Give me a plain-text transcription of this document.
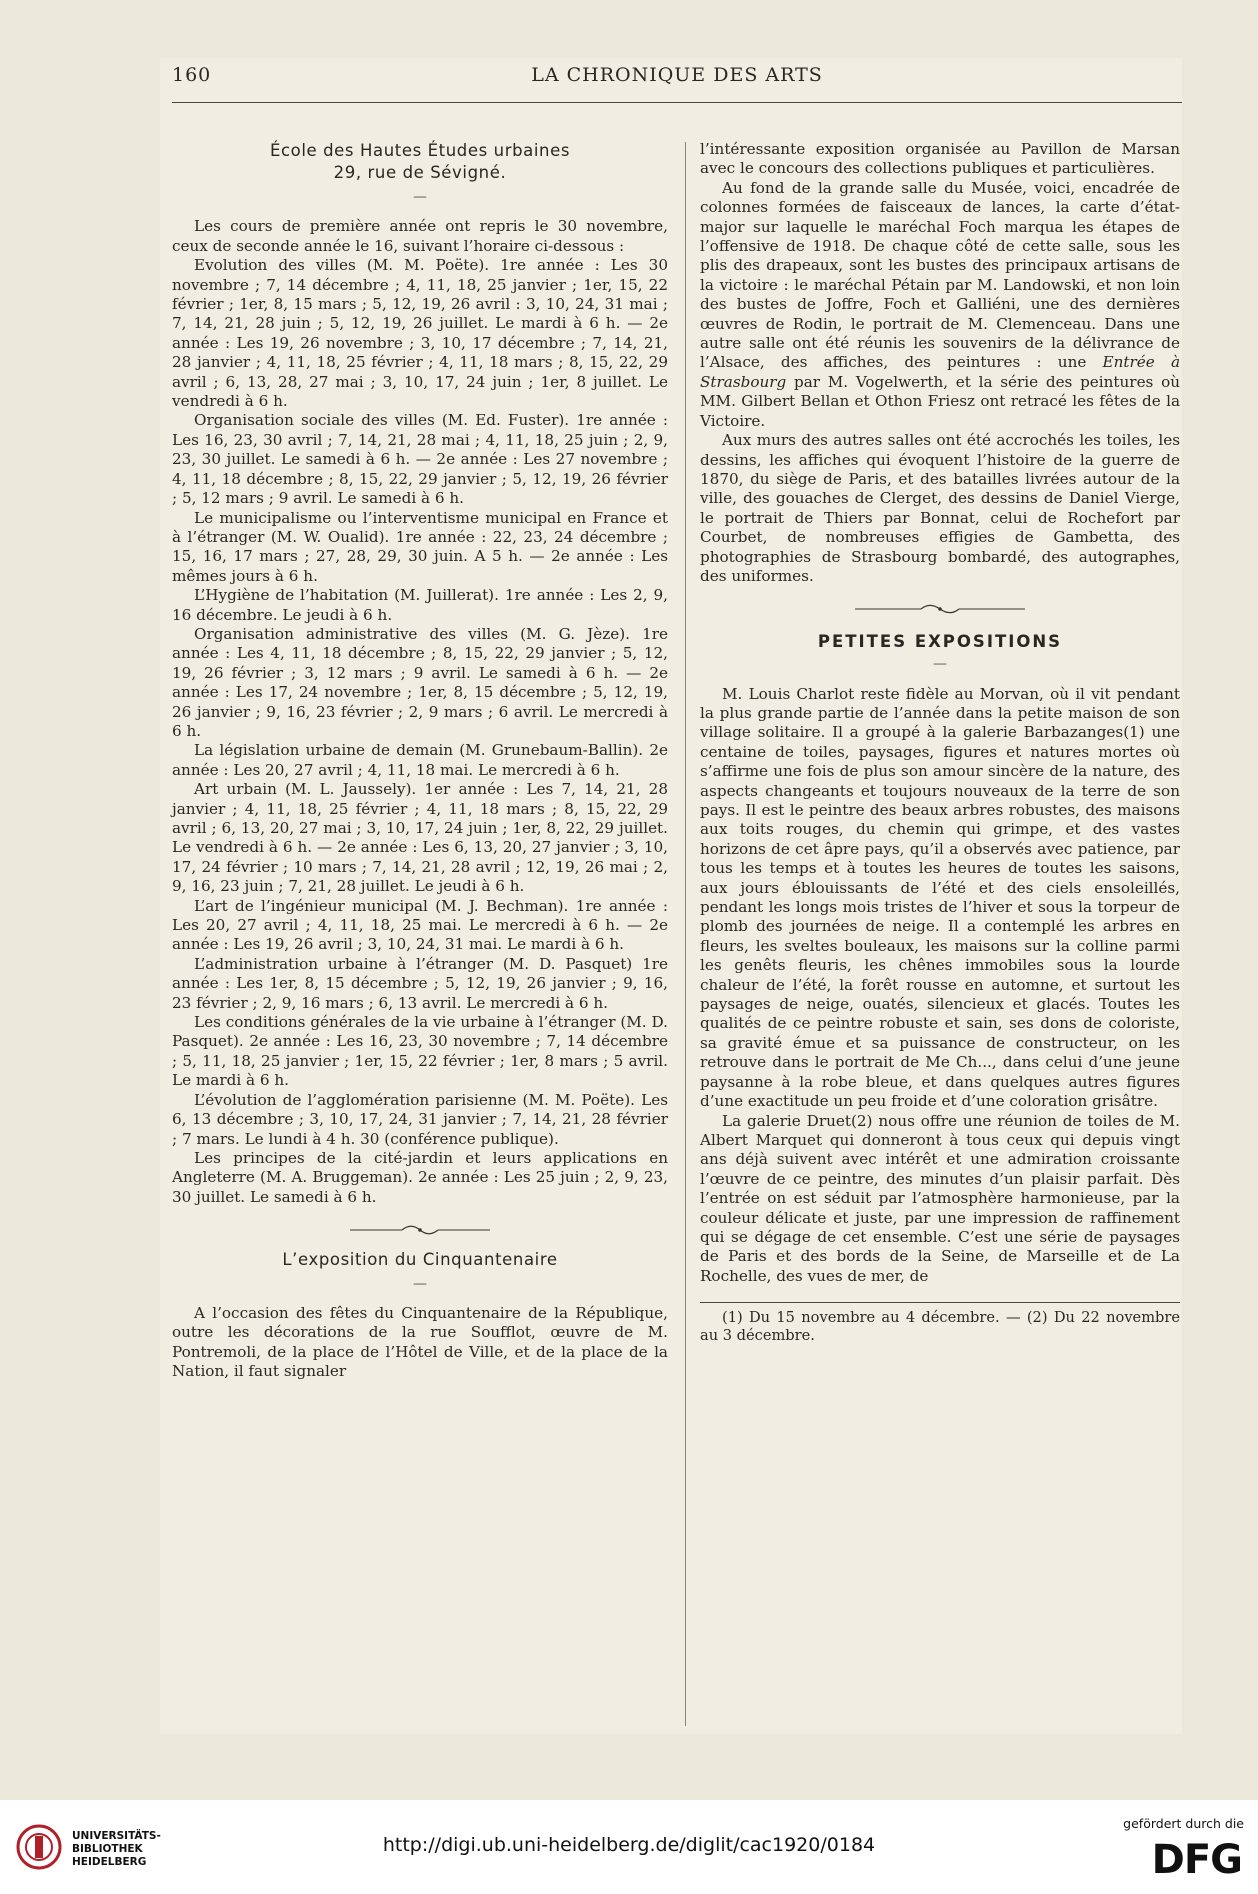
160	LA CHRONIQUE DES ARTS
École des Hautes Études urbaines
29, rue de Sévigné.
—

Les cours de première année ont repris le 30 novembre, ceux de seconde année le 16, suivant l’horaire ci-dessous :

Evolution des villes (M. M. Poëte). 1re année : Les 30 novembre ; 7, 14 décembre ; 4, 11, 18, 25 janvier ; 1er, 15, 22 février ; 1er, 8, 15 mars ; 5, 12, 19, 26 avril : 3, 10, 24, 31 mai ; 7, 14, 21, 28 juin ; 5, 12, 19, 26 juillet. Le mardi à 6 h. — 2e année : Les 19, 26 novembre ; 3, 10, 17 décembre ; 7, 14, 21, 28 janvier ; 4, 11, 18, 25 février ; 4, 11, 18 mars ; 8, 15, 22, 29 avril ; 6, 13, 28, 27 mai ; 3, 10, 17, 24 juin ; 1er, 8 juillet. Le vendredi à 6 h.

Organisation sociale des villes (M. Ed. Fuster). 1re année : Les 16, 23, 30 avril ; 7, 14, 21, 28 mai ; 4, 11, 18, 25 juin ; 2, 9, 23, 30 juillet. Le samedi à 6 h. — 2e année : Les 27 novembre ; 4, 11, 18 décembre ; 8, 15, 22, 29 janvier ; 5, 12, 19, 26 février ; 5, 12 mars ; 9 avril. Le samedi à 6 h.

Le municipalisme ou l’interventisme municipal en France et à l’étranger (M. W. Oualid). 1re année : 22, 23, 24 décembre ; 15, 16, 17 mars ; 27, 28, 29, 30 juin. A 5 h. — 2e année : Les mêmes jours à 6 h.

L’Hygiène de l’habitation (M. Juillerat). 1re année : Les 2, 9, 16 décembre. Le jeudi à 6 h.

Organisation administrative des villes (M. G. Jèze). 1re année : Les 4, 11, 18 décembre ; 8, 15, 22, 29 janvier ; 5, 12, 19, 26 février ; 3, 12 mars ; 9 avril. Le samedi à 6 h. — 2e année : Les 17, 24 novembre ; 1er, 8, 15 décembre ; 5, 12, 19, 26 janvier ; 9, 16, 23 février ; 2, 9 mars ; 6 avril. Le mercredi à 6 h.

La législation urbaine de demain (M. Grunebaum-Ballin). 2e année : Les 20, 27 avril ; 4, 11, 18 mai. Le mercredi à 6 h.

Art urbain (M. L. Jaussely). 1er année : Les 7, 14, 21, 28 janvier ; 4, 11, 18, 25 février ; 4, 11, 18 mars ; 8, 15, 22, 29 avril ; 6, 13, 20, 27 mai ; 3, 10, 17, 24 juin ; 1er, 8, 22, 29 juillet. Le vendredi à 6 h. — 2e année : Les 6, 13, 20, 27 janvier ; 3, 10, 17, 24 février ; 10 mars ; 7, 14, 21, 28 avril ; 12, 19, 26 mai ; 2, 9, 16, 23 juin ; 7, 21, 28 juillet. Le jeudi à 6 h.

L’art de l’ingénieur municipal (M. J. Bechman). 1re année : Les 20, 27 avril ; 4, 11, 18, 25 mai. Le mercredi à 6 h. — 2e année : Les 19, 26 avril ; 3, 10, 24, 31 mai. Le mardi à 6 h.

L’administration urbaine à l’étranger (M. D. Pasquet) 1re année : Les 1er, 8, 15 décembre ; 5, 12, 19, 26 janvier ; 9, 16, 23 février ; 2, 9, 16 mars ; 6, 13 avril. Le mercredi à 6 h.

Les conditions générales de la vie urbaine à l’étranger (M. D. Pasquet). 2e année : Les 16, 23, 30 novembre ; 7, 14 décembre ; 5, 11, 18, 25 janvier ; 1er, 15, 22 février ; 1er, 8 mars ; 5 avril. Le mardi à 6 h.

L’évolution de l’agglomération parisienne (M. M. Poëte). Les 6, 13 décembre ; 3, 10, 17, 24, 31 janvier ; 7, 14, 21, 28 février ; 7 mars. Le lundi à 4 h. 30 (conférence publique).

Les principes de la cité-jardin et leurs applications en Angleterre (M. A. Bruggeman). 2e année : Les 25 juin ; 2, 9, 23, 30 juillet. Le samedi à 6 h.

L’exposition du Cinquantenaire
—

A l’occasion des fêtes du Cinquantenaire de la République, outre les décorations de la rue Soufflot, œuvre de M. Pontremoli, de la place de l’Hôtel de Ville, et de la place de la Nation, il faut signaler

l’intéressante exposition organisée au Pavillon de Marsan avec le concours des collections publiques et particulières.

Au fond de la grande salle du Musée, voici, encadrée de colonnes formées de faisceaux de lances, la carte d’état-major sur laquelle le maréchal Foch marqua les étapes de l’offensive de 1918. De chaque côté de cette salle, sous les plis des drapeaux, sont les bustes des principaux artisans de la victoire : le maréchal Pétain par M. Landowski, et non loin des bustes de Joffre, Foch et Galliéni, une des dernières œuvres de Rodin, le portrait de M. Clemenceau. Dans une autre salle ont été réunis les souvenirs de la délivrance de l’Alsace, des affiches, des peintures : une Entrée à Strasbourg par M. Vogelwerth, et la série des peintures où MM. Gilbert Bellan et Othon Friesz ont retracé les fêtes de la Victoire.

Aux murs des autres salles ont été accrochés les toiles, les dessins, les affiches qui évoquent l’histoire de la guerre de 1870, du siège de Paris, et des batailles livrées autour de la ville, des gouaches de Clerget, des dessins de Daniel Vierge, le portrait de Thiers par Bonnat, celui de Rochefort par Courbet, de nombreuses effigies de Gambetta, des photographies de Strasbourg bombardé, des autographes, des uniformes.

PETITES EXPOSITIONS
—

M. Louis Charlot reste fidèle au Morvan, où il vit pendant la plus grande partie de l’année dans la petite maison de son village solitaire. Il a groupé à la galerie Barbazanges(1) une centaine de toiles, paysages, figures et natures mortes où s’affirme une fois de plus son amour sincère de la nature, des aspects changeants et toujours nouveaux de la terre de son pays. Il est le peintre des beaux arbres robustes, des maisons aux toits rouges, du chemin qui grimpe, et des vastes horizons de cet âpre pays, qu’il a observés avec patience, par tous les temps et à toutes les heures de toutes les saisons, aux jours éblouissants de l’été et des ciels ensoleillés, pendant les longs mois tristes de l’hiver et sous la torpeur de plomb des journées de neige. Il a contemplé les arbres en fleurs, les sveltes bouleaux, les maisons sur la colline parmi les genêts fleuris, les chênes immobiles sous la lourde chaleur de l’été, la forêt rousse en automne, et surtout les paysages de neige, ouatés, silencieux et glacés. Toutes les qualités de ce peintre robuste et sain, ses dons de coloriste, sa gravité émue et sa puissance de constructeur, on les retrouve dans le portrait de Me Ch..., dans celui d’une jeune paysanne à la robe bleue, et dans quelques autres figures d’une exactitude un peu froide et d’une coloration grisâtre.

La galerie Druet(2) nous offre une réunion de toiles de M. Albert Marquet qui donneront à tous ceux qui depuis vingt ans déjà suivent avec intérêt et une admiration croissante l’œuvre de ce peintre, des minutes d’un plaisir parfait. Dès l’entrée on est séduit par l’atmosphère harmonieuse, par la couleur délicate et juste, par une impression de raffinement qui se dégage de cet ensemble. C’est une série de paysages de Paris et des bords de la Seine, de Marseille et de La Rochelle, des vues de mer, de

(1) Du 15 novembre au 4 décembre. — (2) Du 22 novembre au 3 décembre.

UNIVERSITÄTS-
BIBLIOTHEK
HEIDELBERG
http://digi.ub.uni-heidelberg.de/diglit/cac1920/0184
gefördert durch die
DFG
